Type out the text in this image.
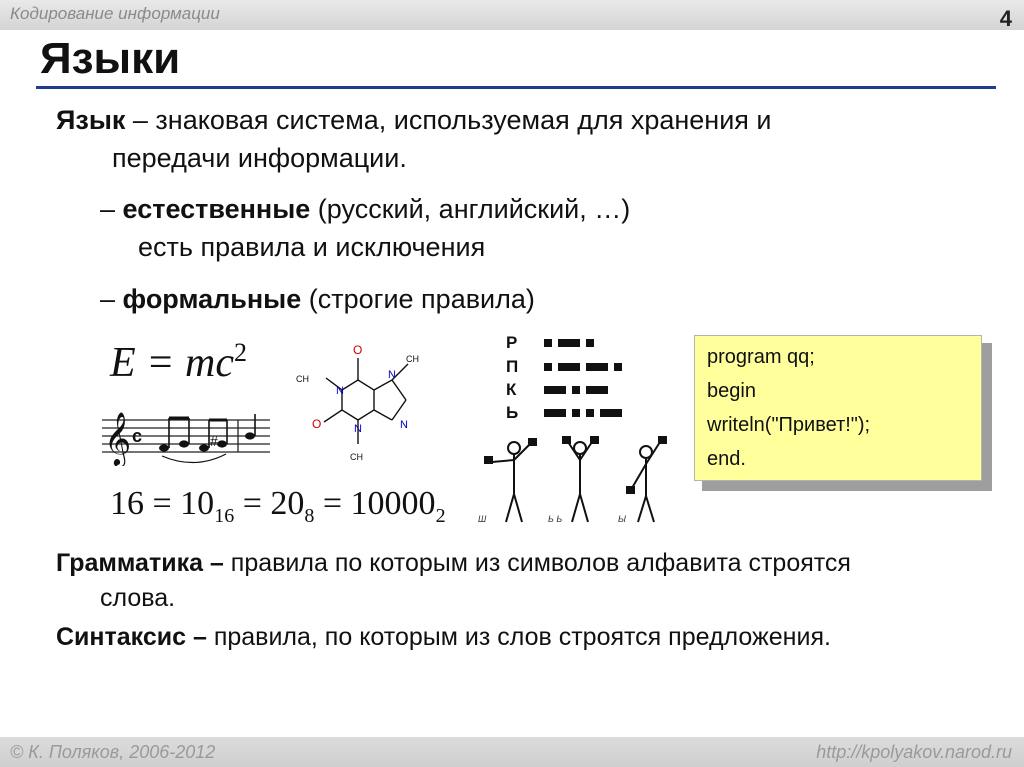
Кодирование информации	4
Языки
Язык – знаковая система, используемая для хранения и
передачи информации.
– естественные (русский, английский, …)
есть правила и исключения
– формальные (строгие правила)
$E = mc^2$
𝄞 c	#
O
O
N
N
N
N
CH
CH
CH
Р
П
К
Ь
Ш	Ь Ь	Ы
$16 = 10_{16} = 20_8 = 10000_2$
program qq;
begin
writeln("Привет!");
end.
Грамматика – правила по которым из символов алфавита строятся
слова.
Синтаксис – правила, по которым из слов строятся предложения.
© К. Поляков, 2006-2012	http://kpolyakov.narod.ru
